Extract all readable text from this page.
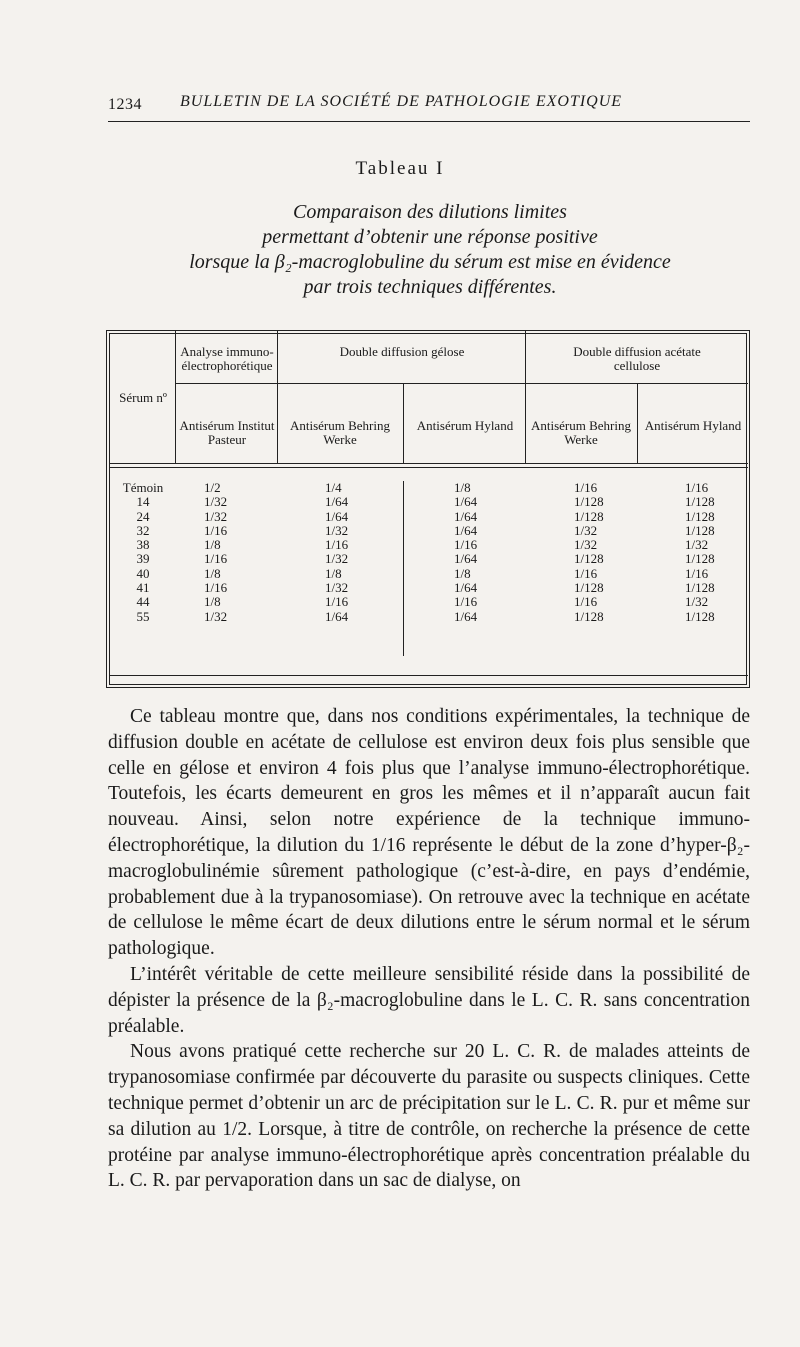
1234 BULLETIN DE LA SOCIÉTÉ DE PATHOLOGIE EXOTIQUE
Tableau I
Comparaison des dilutions limites
permettant d’obtenir une réponse positive
lorsque la β₂-macroglobuline du sérum est mise en évidence
par trois techniques différentes.
Sérum nº
Analyse immuno-électrophorétique
Double diffusion gélose	Double diffusion acétate cellulose
Antisérum Institut Pasteur
Antisérum Behring Werke
Antisérum Hyland	Antisérum Behring Werke
Antisérum Hyland
Témoin
14
24
32
38
39
40
41
44
55
1/2
1/32
1/32
1/16
1/8
1/16
1/8
1/16
1/8
1/32
1/4
1/64
1/64
1/32
1/16
1/32
1/8
1/32
1/16
1/64
1/8
1/64
1/64
1/64
1/16
1/64
1/8
1/64
1/16
1/64
1/16
1/128
1/128
1/32
1/32
1/128
1/16
1/128
1/16
1/128
1/16
1/128
1/128
1/128
1/32
1/128
1/16
1/128
1/32
1/128

Ce tableau montre que, dans nos conditions expérimentales, la technique de diffusion double en acétate de cellulose est environ deux fois plus sensible que celle en gélose et environ 4 fois plus que l’analyse immuno-électrophorétique. Toutefois, les écarts demeurent en gros les mêmes et il n’apparaît aucun fait nouveau. Ainsi, selon notre expérience de la technique immuno-électrophorétique, la dilution du 1/16 représente le début de la zone d’hyper-β₂-macroglobulinémie sûrement pathologique (c’est-à-dire, en pays d’endémie, probablement due à la trypanosomiase). On retrouve avec la technique en acétate de cellulose le même écart de deux dilutions entre le sérum normal et le sérum pathologique.

L’intérêt véritable de cette meilleure sensibilité réside dans la possibilité de dépister la présence de la β₂-macroglobuline dans le L. C. R. sans concentration préalable.

Nous avons pratiqué cette recherche sur 20 L. C. R. de malades atteints de trypanosomiase confirmée par découverte du parasite ou suspects cliniques. Cette technique permet d’obtenir un arc de précipitation sur le L. C. R. pur et même sur sa dilution au 1/2. Lorsque, à titre de contrôle, on recherche la présence de cette protéine par analyse immuno-électrophorétique après concentration préalable du L. C. R. par pervaporation dans un sac de dialyse, on
